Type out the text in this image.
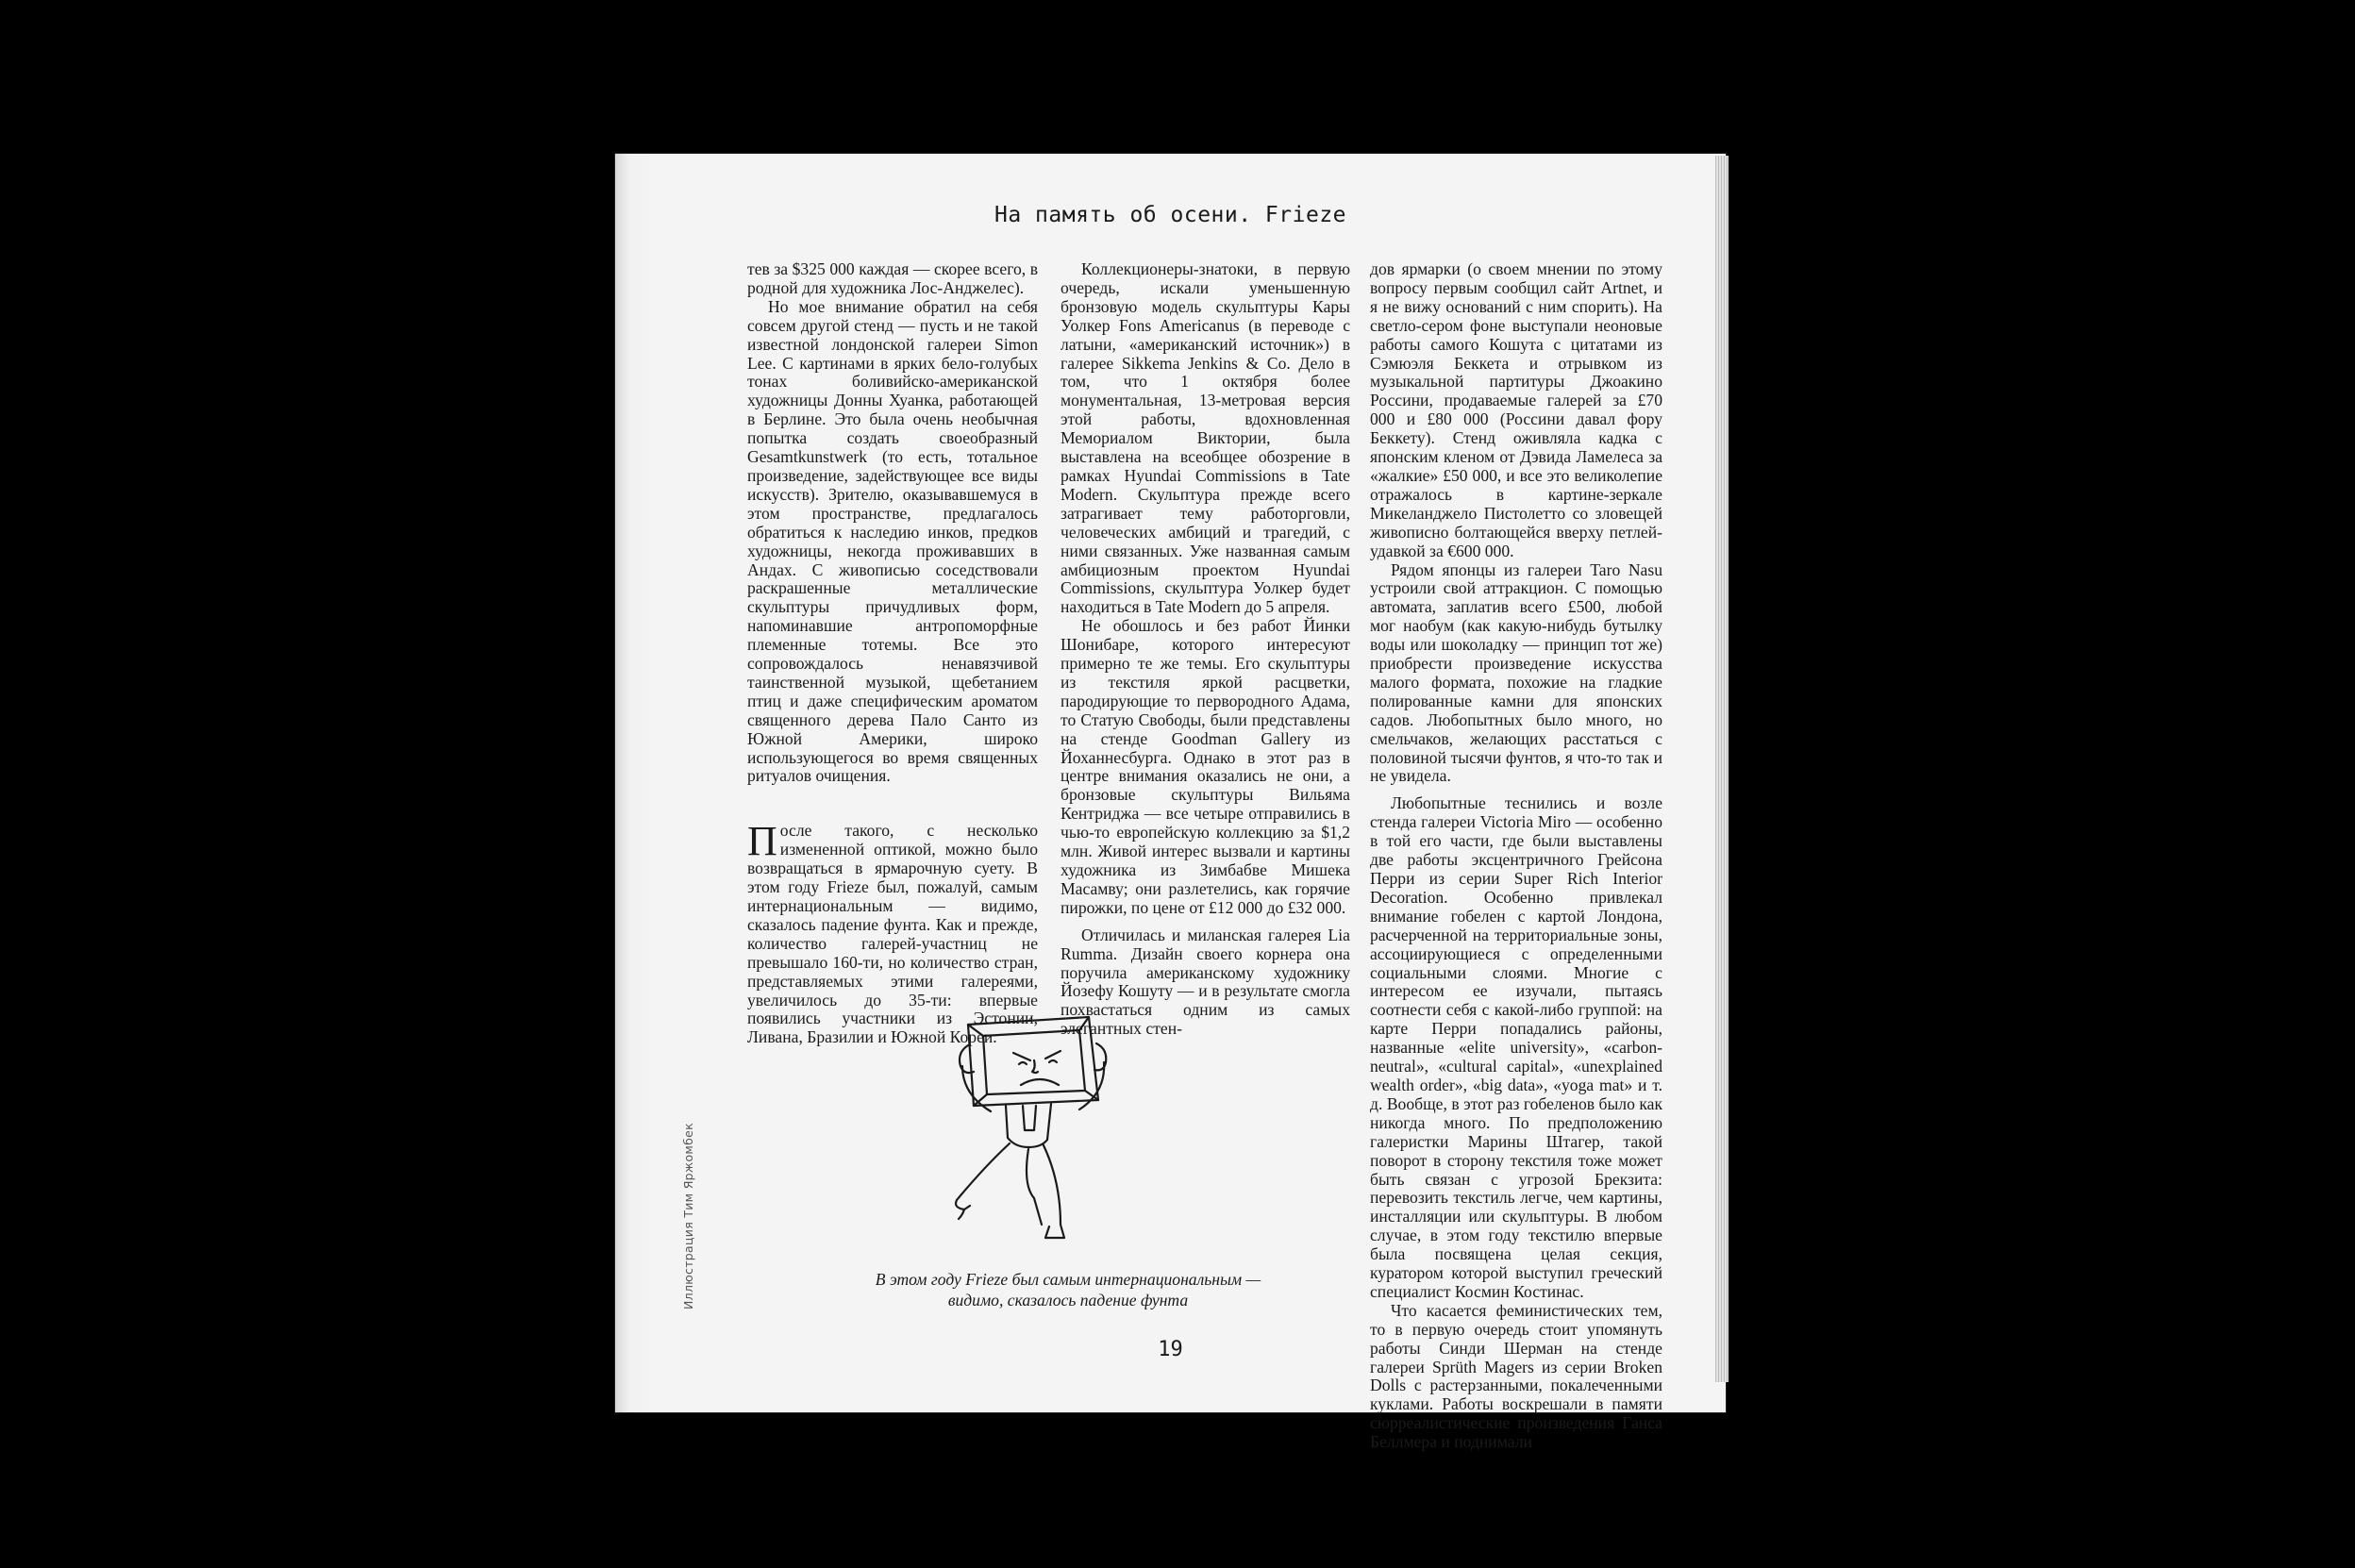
На память об осени. Frieze

тев за $325 000 каждая — скорее всего, в родной для художника Лос-Анджелес).

Но мое внимание обратил на себя совсем другой стенд — пусть и не такой известной лондонской галереи Simon Lee. С картинами в ярких бело-голубых тонах боливийско-американской художницы Донны Хуанка, работающей в Берлине. Это была очень необычная попытка создать своеобразный Gesamtkunstwerk (то есть, тотальное произведение, задействующее все виды искусств). Зрителю, оказывавшемуся в этом пространстве, предлагалось обратиться к наследию инков, предков художницы, некогда проживавших в Андах. С живописью соседствовали раскрашенные металлические скульптуры причудливых форм, напоминавшие антропоморфные племенные тотемы. Все это сопровождалось ненавязчивой таинственной музыкой, щебетанием птиц и даже специфическим ароматом священного дерева Пало Санто из Южной Америки, широко использующегося во время священных ритуалов очищения.

После такого, с несколько измененной оптикой, можно было возвращаться в ярмарочную суету. В этом году Frieze был, пожалуй, самым интернациональным — видимо, сказалось падение фунта. Как и прежде, количество галерей-участниц не превышало 160-ти, но количество стран, представляемых этими галереями, увеличилось до 35-ти: впервые появились участники из Эстонии, Ливана, Бразилии и Южной Кореи.

Коллекционеры-знатоки, в первую очередь, искали уменьшенную бронзовую модель скульптуры Кары Уолкер Fons Americanus (в переводе с латыни, «американский источник») в галерее Sikkema Jenkins & Co. Дело в том, что 1 октября более монументальная, 13-метровая версия этой работы, вдохновленная Мемориалом Виктории, была выставлена на всеобщее обозрение в рамках Hyundai Commissions в Tate Modern. Скульптура прежде всего затрагивает тему работорговли, человеческих амбиций и трагедий, с ними связанных. Уже названная самым амбициозным проектом Hyundai Commissions, скульптура Уолкер будет находиться в Tate Modern до 5 апреля.

Не обошлось и без работ Йинки Шонибаре, которого интересуют примерно те же темы. Его скульптуры из текстиля яркой расцветки, пародирующие то первородного Адама, то Статую Свободы, были представлены на стенде Goodman Gallery из Йоханнесбурга. Однако в этот раз в центре внимания оказались не они, а бронзовые скульптуры Вильяма Кентриджа — все четыре отправились в чью-то европейскую коллекцию за $1,2 млн. Живой интерес вызвали и картины художника из Зимбабве Мишека Масамву; они разлетелись, как горячие пирожки, по цене от £12 000 до £32 000.

Отличилась и миланская галерея Lia Rumma. Дизайн своего корнера она поручила американскому художнику Йозефу Кошуту — и в результате смогла похвастаться одним из самых элегантных стен-

дов ярмарки (о своем мнении по этому вопросу первым сообщил сайт Artnet, и я не вижу оснований с ним спорить). На светло-сером фоне выступали неоновые работы самого Кошута с цитатами из Сэмюэля Беккета и отрывком из музыкальной партитуры Джоакино Россини, продаваемые галерей за £70 000 и £80 000 (Россини давал фору Беккету). Стенд оживляла кадка с японским кленом от Дэвида Ламелеса за «жалкие» £50 000, и все это великолепие отражалось в картине-зеркале Микеланджело Пистолетто со зловещей живописно болтающейся вверху петлей-удавкой за €600 000.

Рядом японцы из галереи Taro Nasu устроили свой аттракцион. С помощью автомата, заплатив всего £500, любой мог наобум (как какую-нибудь бутылку воды или шоколадку — принцип тот же) приобрести произведение искусства малого формата, похожие на гладкие полированные камни для японских садов. Любопытных было много, но смельчаков, желающих расстаться с половиной тысячи фунтов, я что-то так и не увидела.

Любопытные теснились и возле стенда галереи Victoria Miro — особенно в той его части, где были выставлены две работы эксцентричного Грейсона Перри из серии Super Rich Interior Decoration. Особенно привлекал внимание гобелен с картой Лондона, расчерченной на территориальные зоны, ассоциирующиеся с определенными социальными слоями. Многие с интересом ее изучали, пытаясь соотнести себя с какой-либо группой: на карте Перри попадались районы, названные «elite university», «carbon-neutral», «cultural capital», «unexplained wealth order», «big data», «yoga mat» и т. д. Вообще, в этот раз гобеленов было как никогда много. По предположению галеристки Марины Штагер, такой поворот в сторону текстиля тоже может быть связан с угрозой Брекзита: перевозить текстиль легче, чем картины, инсталляции или скульптуры. В любом случае, в этом году текстилю впервые была посвящена целая секция, куратором которой выступил греческий специалист Космин Костинас.

Что касается феминистических тем, то в первую очередь стоит упомянуть работы Синди Шерман на стенде галереи Sprüth Magers из серии Broken Dolls с растерзанными, покалеченными куклами. Работы воскрешали в памяти сюрреалистические произведения Ганса Беллмера и поднимали

В этом году Frieze был самым интернациональным —
видимо, сказалось падение фунта
Иллюстрация Тим Яржомбек
19
